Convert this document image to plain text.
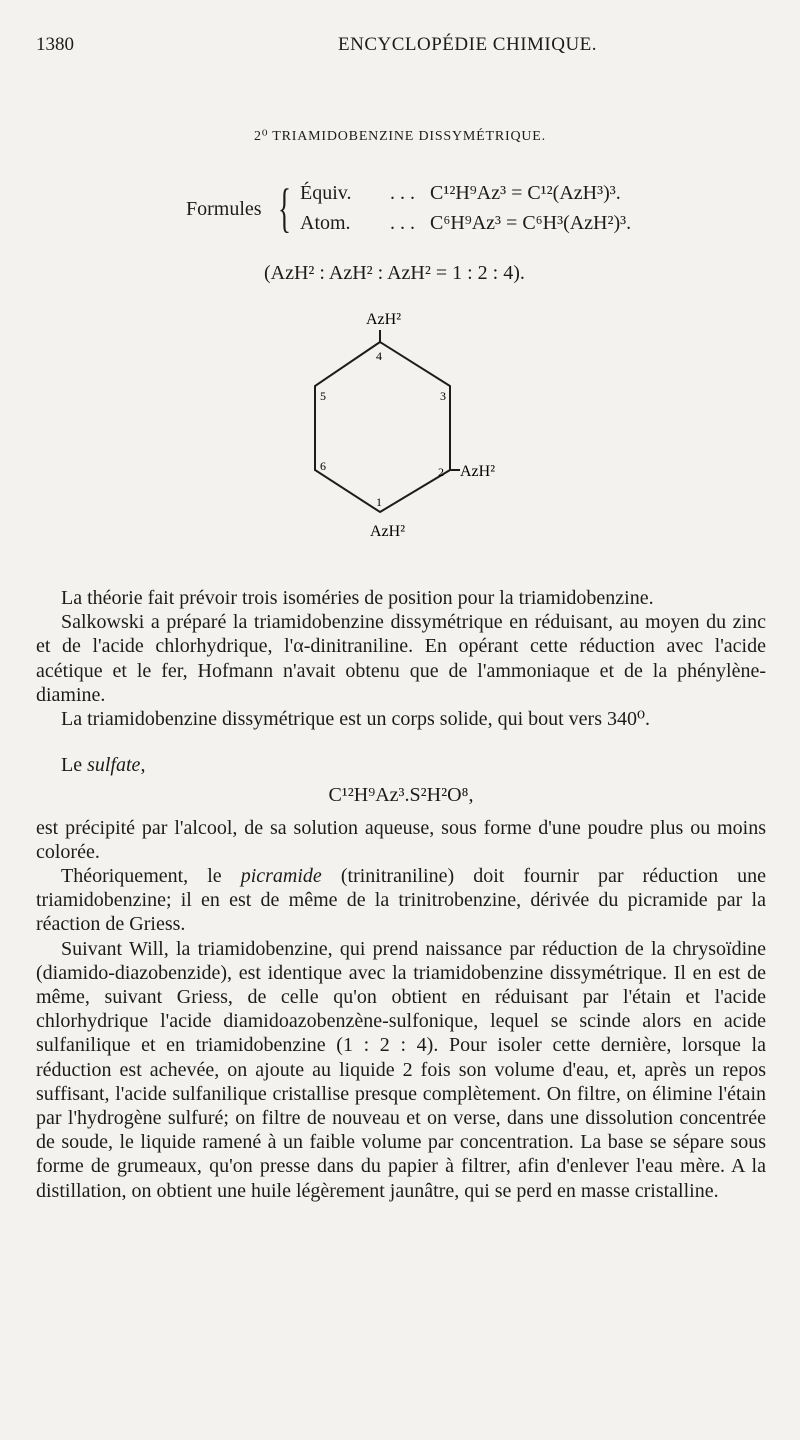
1380	ENCYCLOPÉDIE CHIMIQUE.
2⁰ TRIAMIDOBENZINE DISSYMÉTRIQUE.
Formules { Équiv. . . . C¹²H⁹Az³ = C¹²(AzH³)³.
Atom. . . . C⁶H⁹Az³ = C⁶H³(AzH²)³.
(AzH² : AzH² : AzH² = 1 : 2 : 4).
AzH²
AzH²
AzH²
4
3
2
1
6
5

La théorie fait prévoir trois isoméries de position pour la triamidobenzine.

Salkowski a préparé la triamidobenzine dissymétrique en réduisant, au moyen du zinc et de l'acide chlorhydrique, l'α-dinitraniline. En opérant cette réduction avec l'acide acétique et le fer, Hofmann n'avait obtenu que de l'ammoniaque et de la phénylène-diamine.

La triamidobenzine dissymétrique est un corps solide, qui bout vers 340⁰.

Le sulfate,

C¹²H⁹Az³.S²H²O⁸,

est précipité par l'alcool, de sa solution aqueuse, sous forme d'une poudre plus ou moins colorée.

Théoriquement, le picramide (trinitraniline) doit fournir par réduction une triamidobenzine; il en est de même de la trinitrobenzine, dérivée du picramide par la réaction de Griess.

Suivant Will, la triamidobenzine, qui prend naissance par réduction de la chrysoïdine (diamido-diazobenzide), est identique avec la triamidobenzine dissymétrique. Il en est de même, suivant Griess, de celle qu'on obtient en réduisant par l'étain et l'acide chlorhydrique l'acide diamidoazobenzène-sulfonique, lequel se scinde alors en acide sulfanilique et en triamidobenzine (1 : 2 : 4). Pour isoler cette dernière, lorsque la réduction est achevée, on ajoute au liquide 2 fois son volume d'eau, et, après un repos suffisant, l'acide sulfanilique cristallise presque complètement. On filtre, on élimine l'étain par l'hydrogène sulfuré; on filtre de nouveau et on verse, dans une dissolution concentrée de soude, le liquide ramené à un faible volume par concentration. La base se sépare sous forme de grumeaux, qu'on presse dans du papier à filtrer, afin d'enlever l'eau mère. A la distillation, on obtient une huile légèrement jaunâtre, qui se perd en masse cristalline.
